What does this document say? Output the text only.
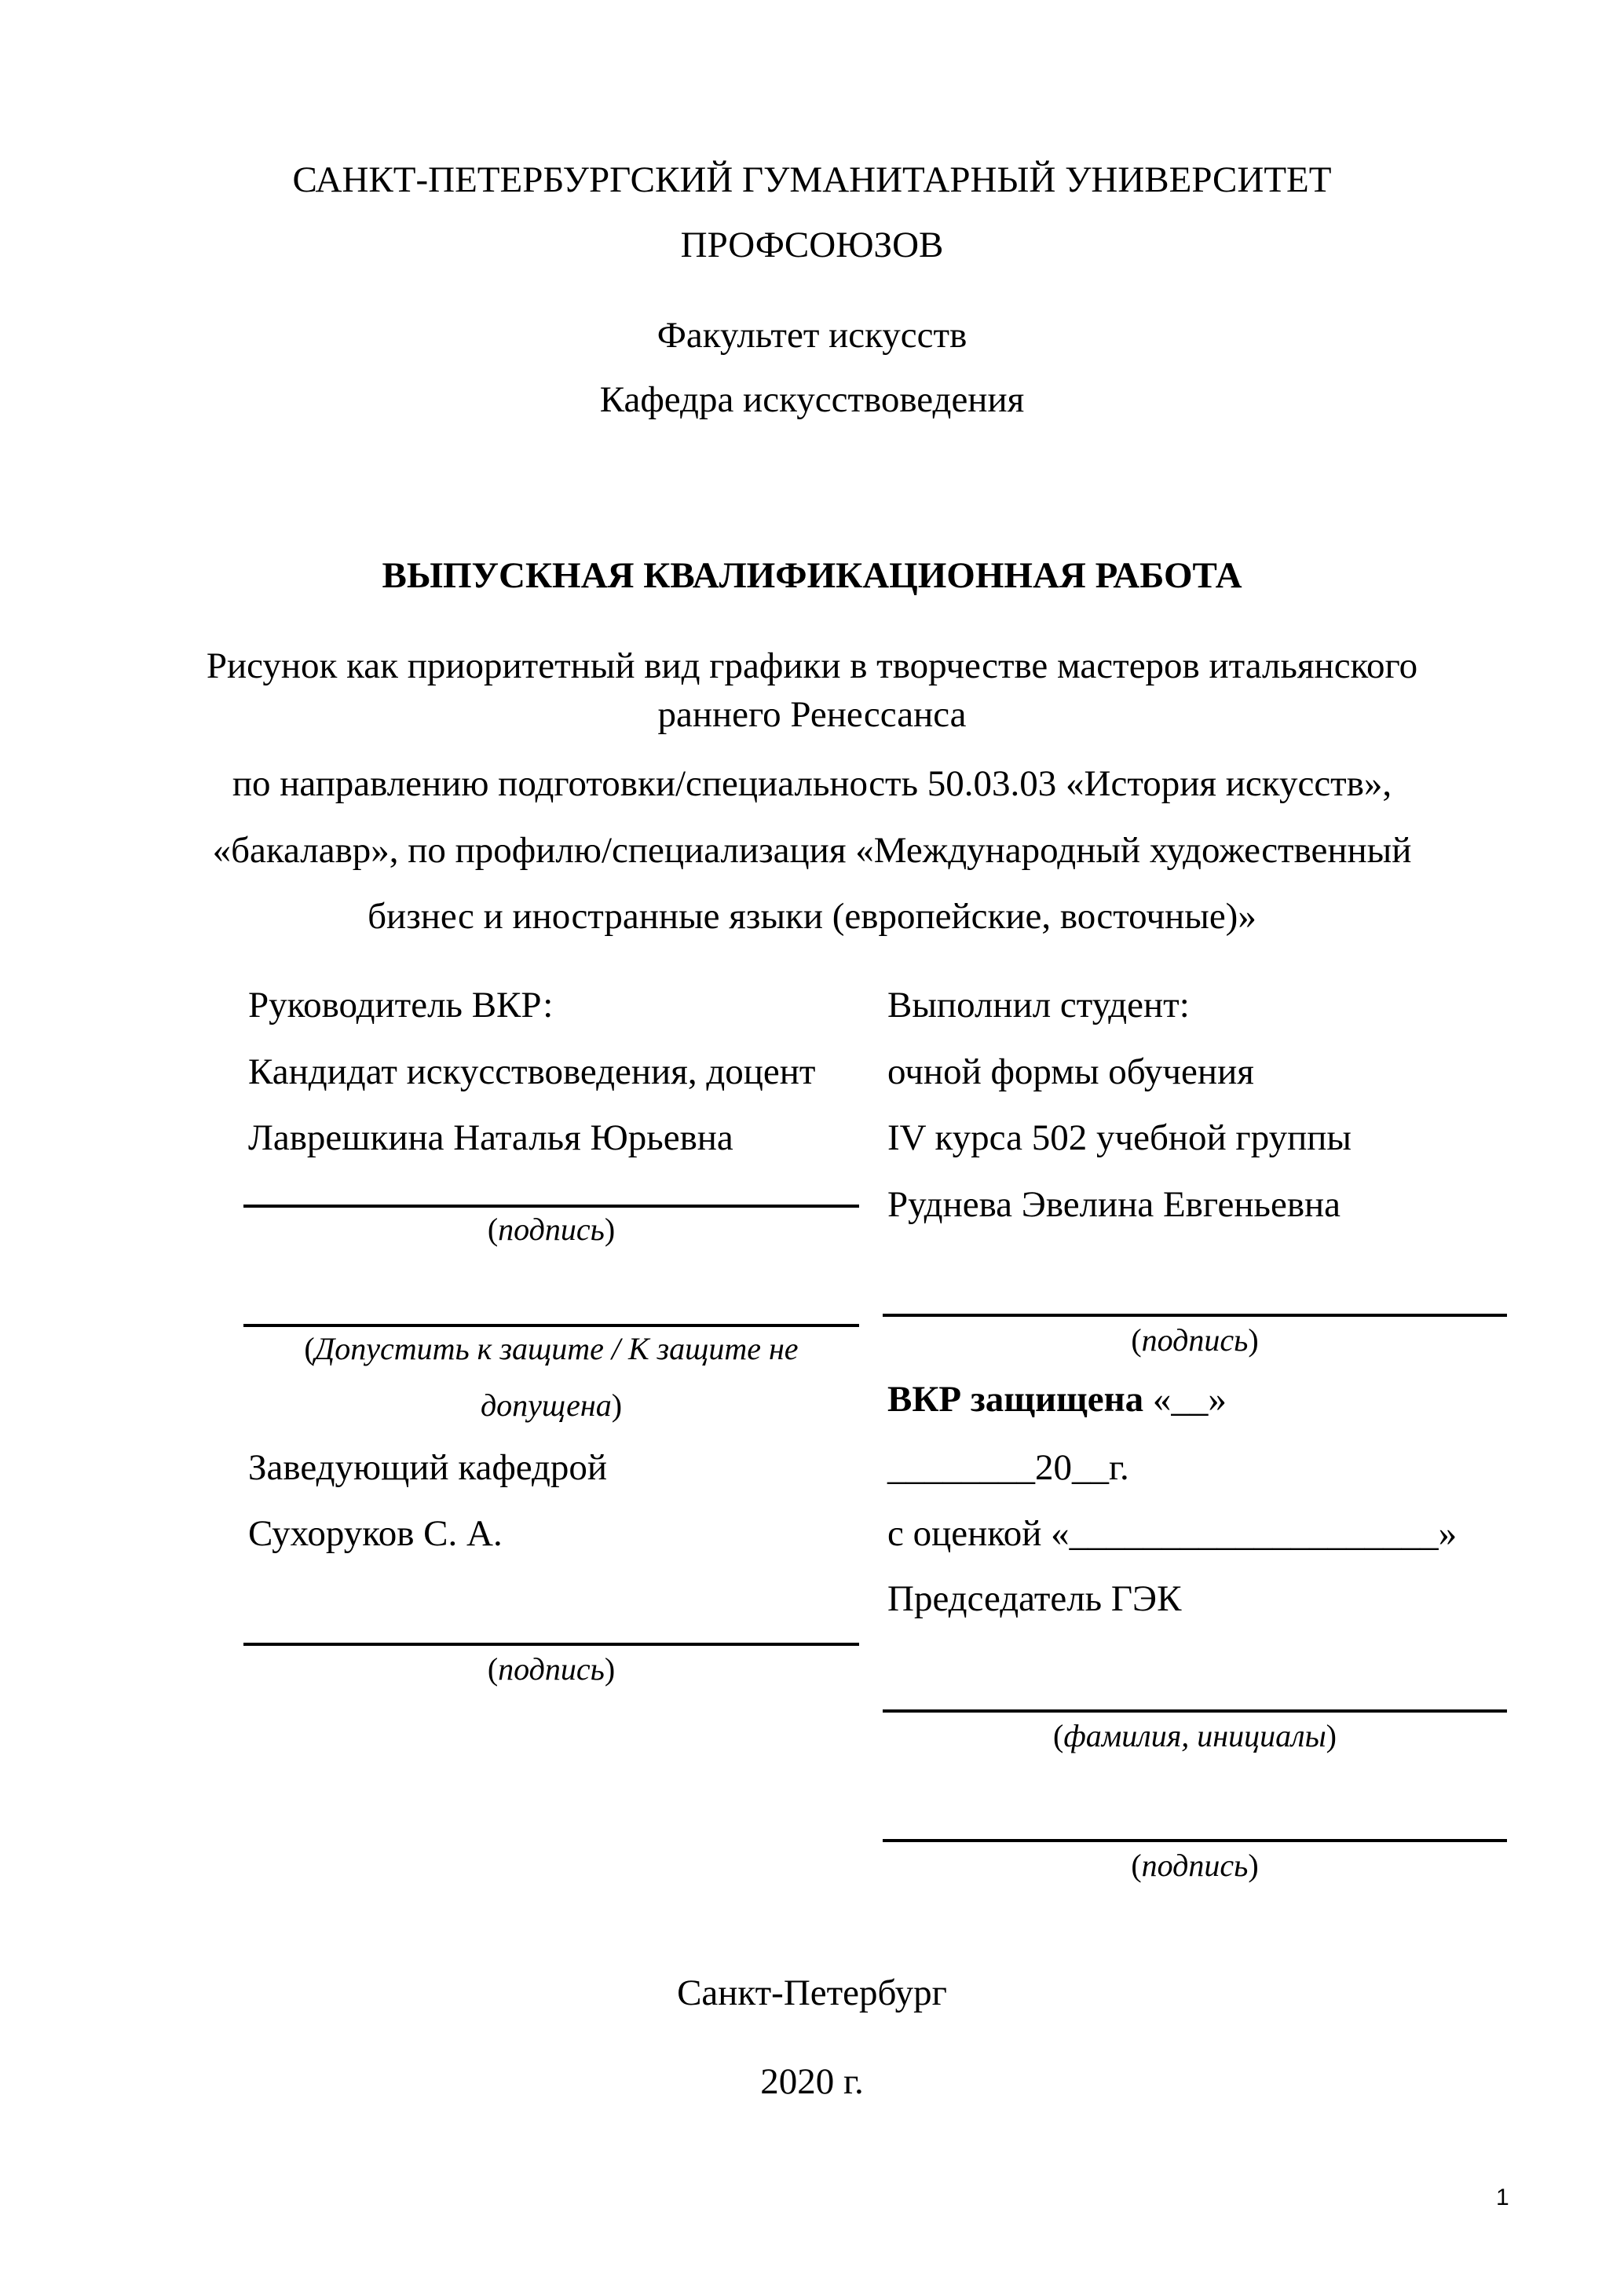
САНКТ-ПЕТЕРБУРГСКИЙ ГУМАНИТАРНЫЙ УНИВЕРСИТЕТ
ПРОФСОЮЗОВ
Факультет искусств
Кафедра искусствоведения
ВЫПУСКНАЯ КВАЛИФИКАЦИОННАЯ РАБОТА
Рисунок как приоритетный вид графики в творчестве мастеров итальянского
раннего Ренессанса
по направлению подготовки/специальность 50.03.03 «История искусств»,
«бакалавр», по профилю/специализация «Международный художественный
бизнес и иностранные языки (европейские, восточные)»
Руководитель ВКР:
Кандидат искусствоведения, доцент
Лаврешкина Наталья Юрьевна
(подпись)
(Допустить к защите / К защите не
допущена)
Заведующий кафедрой
Сухоруков С. А.
(подпись)
Выполнил студент:
очной формы обучения
IV курса 502 учебной группы
Руднева Эвелина Евгеньевна
(подпись)
ВКР защищена «__»
________20__г.
с оценкой «____________________»
Председатель ГЭК
(фамилия, инициалы)
(подпись)
Санкт-Петербург
2020 г.
1
